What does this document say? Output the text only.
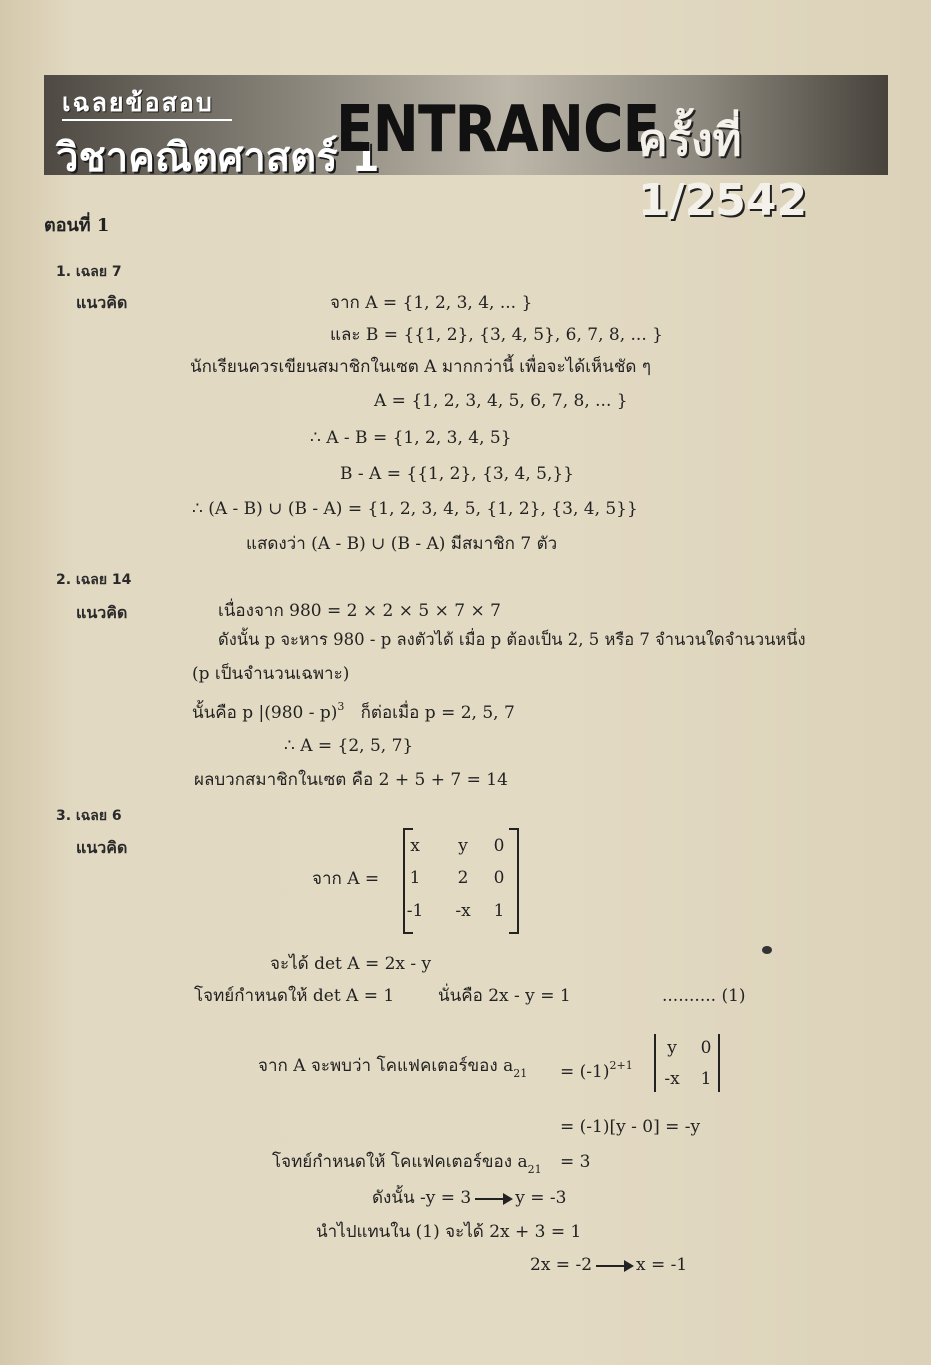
เฉลยข้อสอบ
วิชาคณิตศาสตร์ 1
ENTRANCE
ครั้งที่ 1/2542
ตอนที่ 1
1. เฉลย 7
แนวคิด	จาก A = {1, 2, 3, 4, ... }
และ B = {{1, 2}, {3, 4, 5}, 6, 7, 8, ... }
นักเรียนควรเขียนสมาชิกในเซต A มากกว่านี้ เพื่อจะได้เห็นชัด ๆ
A = {1, 2, 3, 4, 5, 6, 7, 8, ... }
∴ A - B = {1, 2, 3, 4, 5}
B - A = {{1, 2}, {3, 4, 5,}}
∴ (A - B) ∪ (B - A) = {1, 2, 3, 4, 5, {1, 2}, {3, 4, 5}}
แสดงว่า (A - B) ∪ (B - A) มีสมาชิก 7 ตัว
2. เฉลย 14
แนวคิด	เนื่องจาก 980 = 2 × 2 × 5 × 7 × 7
ดังนั้น p จะหาร 980 - p ลงตัวได้ เมื่อ p ต้องเป็น 2, 5 หรือ 7 จำนวนใดจำนวนหนึ่ง
(p เป็นจำนวนเฉพาะ)
นั้นคือ p |(980 - p)$^3$ ก็ต่อเมื่อ p = 2, 5, 7
∴ A = {2, 5, 7}
ผลบวกสมาชิกในเซต คือ 2 + 5 + 7 = 14
3. เฉลย 6
แนวคิด
จาก A =
x	y	0
1	2	0
-1	-x	1
จะได้ det A = 2x - y
โจทย์กำหนดให้ det A = 1	นั่นคือ 2x - y = 1	.......... (1)
จาก A จะพบว่า โคแฟคเตอร์ของ $a_{21} = (-1)^{2+1}$
y	0
-x	1
= (-1)[y - 0] = -y
โจทย์กำหนดให้ โคแฟคเตอร์ของ $a_{21} = 3$
ดังนั้น -y = 3	y = -3
นำไปแทนใน (1) จะได้ 2x + 3 = 1
2x = -2	x = -1
